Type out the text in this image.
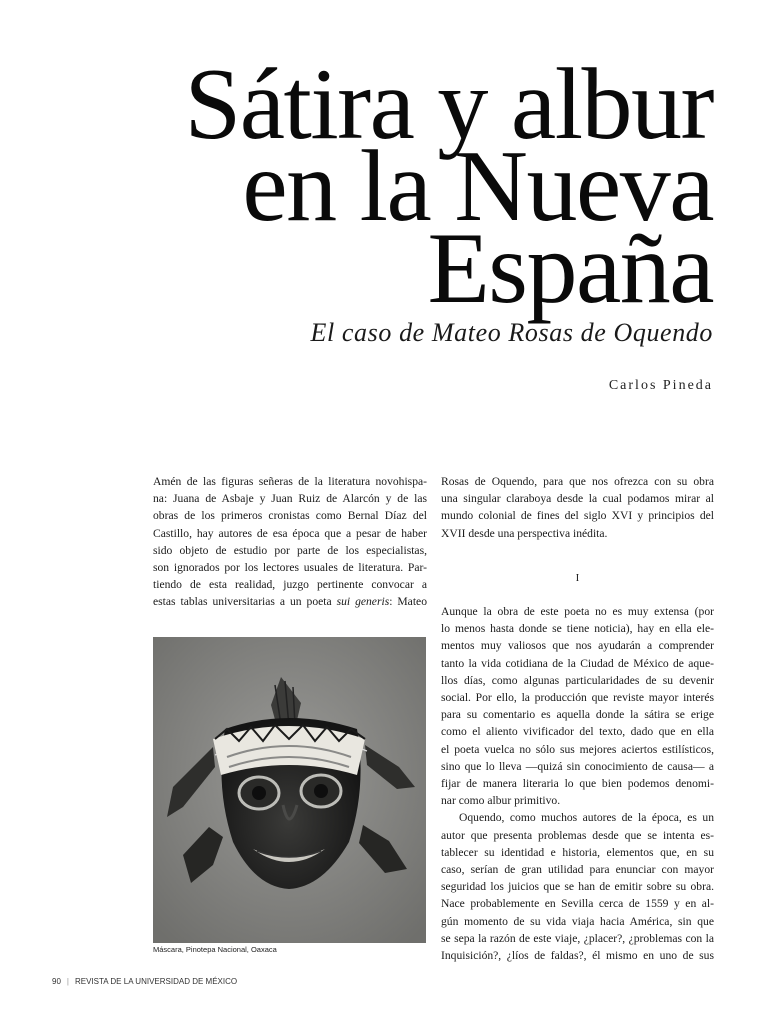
Sátira y albur
en la Nueva
España
El caso de Mateo Rosas de Oquendo
Carlos Pineda
Amén de las figuras señeras de la literatura novohispa-
na: Juana de Asbaje y Juan Ruiz de Alarcón y de las
obras de los primeros cronistas como Bernal Díaz del
Castillo, hay autores de esa época que a pesar de haber
sido objeto de estudio por parte de los especialistas,
son ignorados por los lectores usuales de literatura. Par-
tiendo de esta realidad, juzgo pertinente convocar a
estas tablas universitarias a un poeta sui generis: Mateo
Rosas de Oquendo, para que nos ofrezca con su obra
una singular claraboya desde la cual podamos mirar al
mundo colonial de fines del siglo XVI y principios del
XVII desde una perspectiva inédita.
I
Aunque la obra de este poeta no es muy extensa (por
lo menos hasta donde se tiene noticia), hay en ella ele-
mentos muy valiosos que nos ayudarán a comprender
tanto la vida cotidiana de la Ciudad de México de aque-
llos días, como algunas particularidades de su devenir
social. Por ello, la producción que reviste mayor interés
para su comentario es aquella donde la sátira se erige
como el aliento vivificador del texto, dado que en ella
el poeta vuelca no sólo sus mejores aciertos estilísticos,
sino que lo lleva —quizá sin conocimiento de causa— a
fijar de manera literaria lo que bien podemos denomi-
nar como albur primitivo.
Oquendo, como muchos autores de la época, es un
autor que presenta problemas desde que se intenta es-
tablecer su identidad e historia, elementos que, en su
caso, serían de gran utilidad para enunciar con mayor
seguridad los juicios que se han de emitir sobre su obra.
Nace probablemente en Sevilla cerca de 1559 y en al-
gún momento de su vida viaja hacia América, sin que
se sepa la razón de este viaje, ¿placer?, ¿problemas con la
Inquisición?, ¿líos de faldas?, él mismo en uno de sus
Máscara, Pinotepa Nacional, Oaxaca
90 | REVISTA DE LA UNIVERSIDAD DE MÉXICO
